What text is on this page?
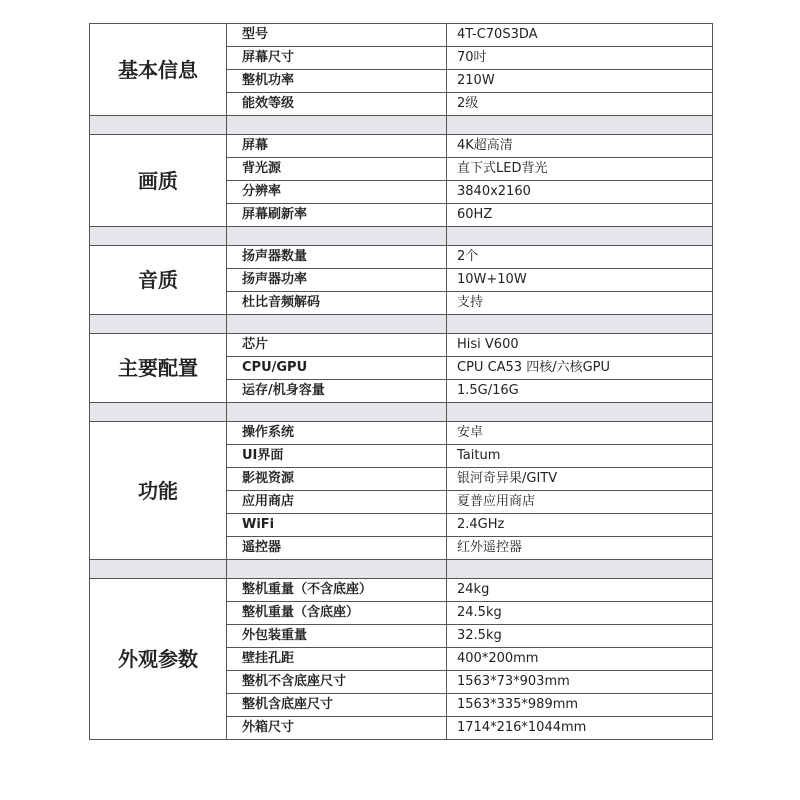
基本信息	型号	4T-C70S3DA
	屏幕尺寸	70吋
	整机功率	210W
	能效等级	2级

画质	屏幕	4K超高清
	背光源	直下式LED背光
	分辨率	3840x2160
	屏幕刷新率	60HZ

音质	扬声器数量	2个
	扬声器功率	10W+10W
	杜比音频解码	支持

主要配置	芯片	Hisi V600
	CPU/GPU	CPU CA53 四核/六核GPU
	运存/机身容量	1.5G/16G

功能	操作系统	安卓
	UI界面	Taitum
	影视资源	银河奇异果/GITV
	应用商店	夏普应用商店
	WiFi	2.4GHz
	遥控器	红外遥控器

外观参数	整机重量（不含底座）	24kg
	整机重量（含底座）	24.5kg
	外包装重量	32.5kg
	壁挂孔距	400*200mm
	整机不含底座尺寸	1563*73*903mm
	整机含底座尺寸	1563*335*989mm
	外箱尺寸	1714*216*1044mm
